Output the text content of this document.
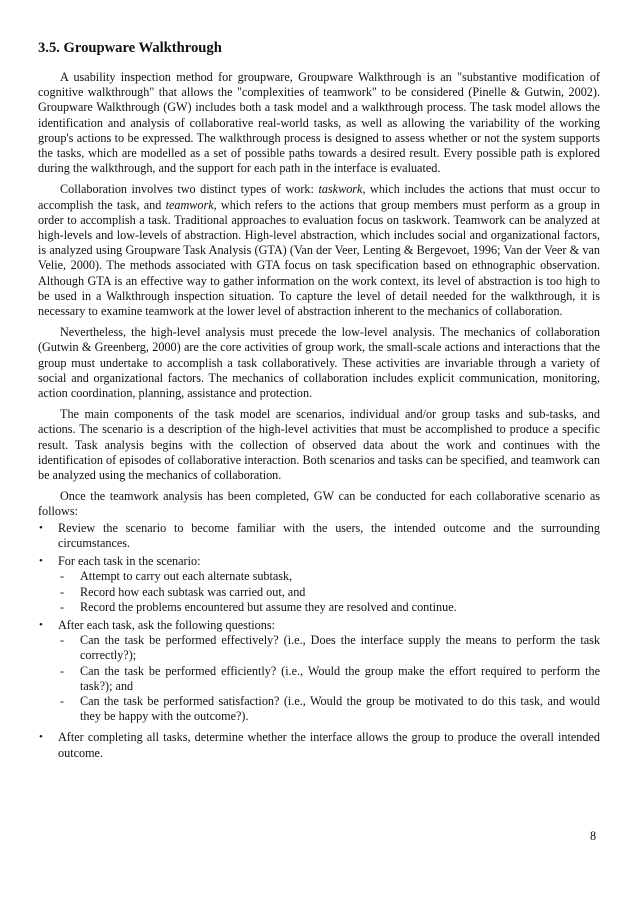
3.5. Groupware Walkthrough

A usability inspection method for groupware, Groupware Walkthrough is an "substantive modification of cognitive walkthrough" that allows the "complexities of teamwork" to be considered (Pinelle & Gutwin, 2002). Groupware Walkthrough (GW) includes both a task model and a walkthrough process. The task model allows the identification and analysis of collaborative real-world tasks, as well as allowing the variability of the working group's actions to be expressed. The walkthrough process is designed to assess whether or not the system supports the tasks, which are modelled as a set of possible paths towards a desired result. Every possible path is explored during the walkthrough, and the support for each path in the interface is evaluated.

Collaboration involves two distinct types of work: taskwork, which includes the actions that must occur to accomplish the task, and teamwork, which refers to the actions that group members must perform as a group in order to accomplish a task. Traditional approaches to evaluation focus on taskwork. Teamwork can be analyzed at high-levels and low-levels of abstraction. High-level abstraction, which includes social and organizational factors, is analyzed using Groupware Task Analysis (GTA) (Van der Veer, Lenting & Bergevoet, 1996; Van der Veer & van Velie, 2000). The methods associated with GTA focus on task specification based on ethnographic observation. Although GTA is an effective way to gather information on the work context, its level of abstraction is too high to be used in a Walkthrough inspection situation. To capture the level of detail needed for the walkthrough, it is necessary to examine teamwork at the lower level of abstraction inherent to the mechanics of collaboration.

Nevertheless, the high-level analysis must precede the low-level analysis. The mechanics of collaboration (Gutwin & Greenberg, 2000) are the core activities of group work, the small-scale actions and interactions that the group must undertake to accomplish a task collaboratively. These activities are invariable through a variety of social and organizational factors. The mechanics of collaboration includes explicit communication, monitoring, action coordination, planning, assistance and protection.

The main components of the task model are scenarios, individual and/or group tasks and sub-tasks, and actions. The scenario is a description of the high-level activities that must be accomplished to produce a specific result. Task analysis begins with the collection of observed data about the work and continues with the identification of episodes of collaborative interaction. Both scenarios and tasks can be specified, and teamwork can be analyzed using the mechanics of collaboration.

Once the teamwork analysis has been completed, GW can be conducted for each collaborative scenario as follows:

• Review the scenario to become familiar with the users, the intended outcome and the surrounding circumstances.
• For each task in the scenario:
- Attempt to carry out each alternate subtask,
- Record how each subtask was carried out, and
- Record the problems encountered but assume they are resolved and continue.
• After each task, ask the following questions:
- Can the task be performed effectively? (i.e., Does the interface supply the means to perform the task correctly?);
- Can the task be performed efficiently? (i.e., Would the group make the effort required to perform the task?); and
- Can the task be performed satisfaction? (i.e., Would the group be motivated to do this task, and would they be happy with the outcome?).
• After completing all tasks, determine whether the interface allows the group to produce the overall intended outcome.
8
